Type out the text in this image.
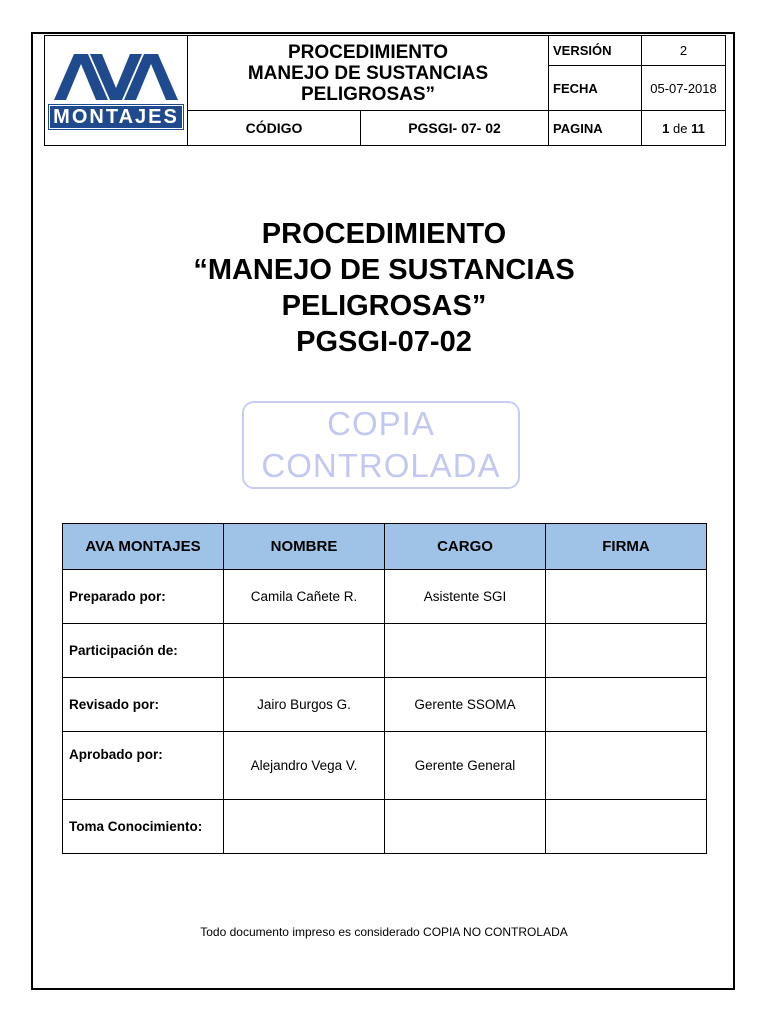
MONTAJES	PROCEDIMIENTO
MANEJO DE SUSTANCIAS
PELIGROSAS”		VERSIÓN	2
			FECHA	05-07-2018
	CÓDIGO	PGSGI- 07- 02	PAGINA	1 de 11
PROCEDIMIENTO
“MANEJO DE SUSTANCIAS
PELIGROSAS”
PGSGI-07-02
COPIA
CONTROLADA
AVA MONTAJES	NOMBRE	CARGO	FIRMA
Preparado por:	Camila Cañete R.	Asistente SGI	
Participación de:			
Revisado por:	Jairo Burgos G.	Gerente SSOMA	
Aprobado por:	Alejandro Vega V.	Gerente General	
Toma Conocimiento:			
Todo documento impreso es considerado COPIA NO CONTROLADA
